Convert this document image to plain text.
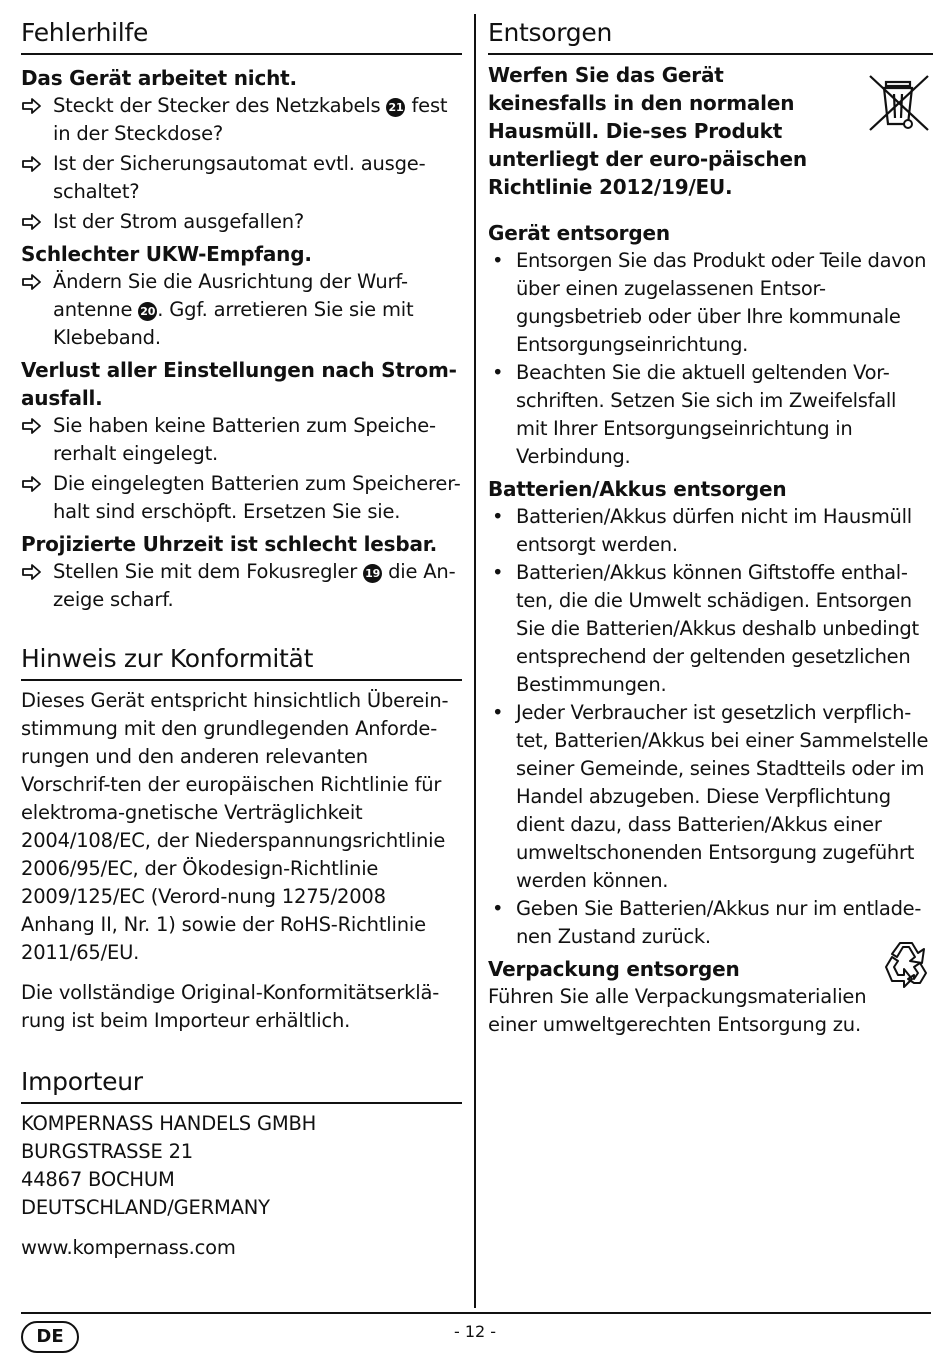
Fehlerhilfe

Das Gerät arbeitet nicht.

Steckt der Stecker des Netzkabels 21 fest in der Steckdose?
Ist der Sicherungsautomat evtl. ausge-schaltet?
Ist der Strom ausgefallen?

Schlechter UKW-Empfang.

Ändern Sie die Ausrichtung der Wurf-antenne 20 . Ggf. arretieren Sie sie mit Klebeband.

Verlust aller Einstellungen nach Strom-ausfall.

Sie haben keine Batterien zum Speiche-rerhalt eingelegt.
Die eingelegten Batterien zum Speicherer-halt sind erschöpft. Ersetzen Sie sie.

Projizierte Uhrzeit ist schlecht lesbar.

Stellen Sie mit dem Fokusregler 19 die An-zeige scharf.
Hinweis zur Konformität

Dieses Gerät entspricht hinsichtlich Überein-stimmung mit den grundlegenden Anforde-rungen und den anderen relevanten Vorschrif-ten der europäischen Richtlinie für elektroma-gnetische Verträglichkeit 2004/108/EC, der Niederspannungsrichtlinie 2006/95/EC, der Ökodesign-Richtlinie 2009/125/EC (Verord-nung 1275/2008 Anhang II, Nr. 1) sowie der RoHS-Richtlinie 2011/65/EU.

Die vollständige Original-Konformitätserklä-rung ist beim Importeur erhältlich.

Importeur

KOMPERNASS HANDELS GMBH

BURGSTRASSE 21

44867 BOCHUM

DEUTSCHLAND/GERMANY

www.kompernass.com

Entsorgen

Werfen Sie das Gerät keinesfalls in den normalen Hausmüll. Die-ses Produkt unterliegt der euro-päischen Richtlinie 2012/19/EU.

Gerät entsorgen

• Entsorgen Sie das Produkt oder Teile davon über einen zugelassenen Entsor-gungsbetrieb oder über Ihre kommunale Entsorgungseinrichtung.
• Beachten Sie die aktuell geltenden Vor-schriften. Setzen Sie sich im Zweifelsfall mit Ihrer Entsorgungseinrichtung in Verbindung.

Batterien/Akkus entsorgen

• Batterien/Akkus dürfen nicht im Hausmüll entsorgt werden.
• Batterien/Akkus können Giftstoffe enthal-ten, die die Umwelt schädigen. Entsorgen Sie die Batterien/Akkus deshalb unbedingt entsprechend der geltenden gesetzlichen Bestimmungen.
• Jeder Verbraucher ist gesetzlich verpflich-tet, Batterien/Akkus bei einer Sammelstelle seiner Gemeinde, seines Stadtteils oder im Handel abzugeben. Diese Verpflichtung dient dazu, dass Batterien/Akkus einer umweltschonenden Entsorgung zugeführt werden können.
• Geben Sie Batterien/Akkus nur im entlade-nen Zustand zurück.

Verpackung entsorgen

Führen Sie alle Verpackungsmaterialien einer umweltgerechten Entsorgung zu.

DE	- 12 -
